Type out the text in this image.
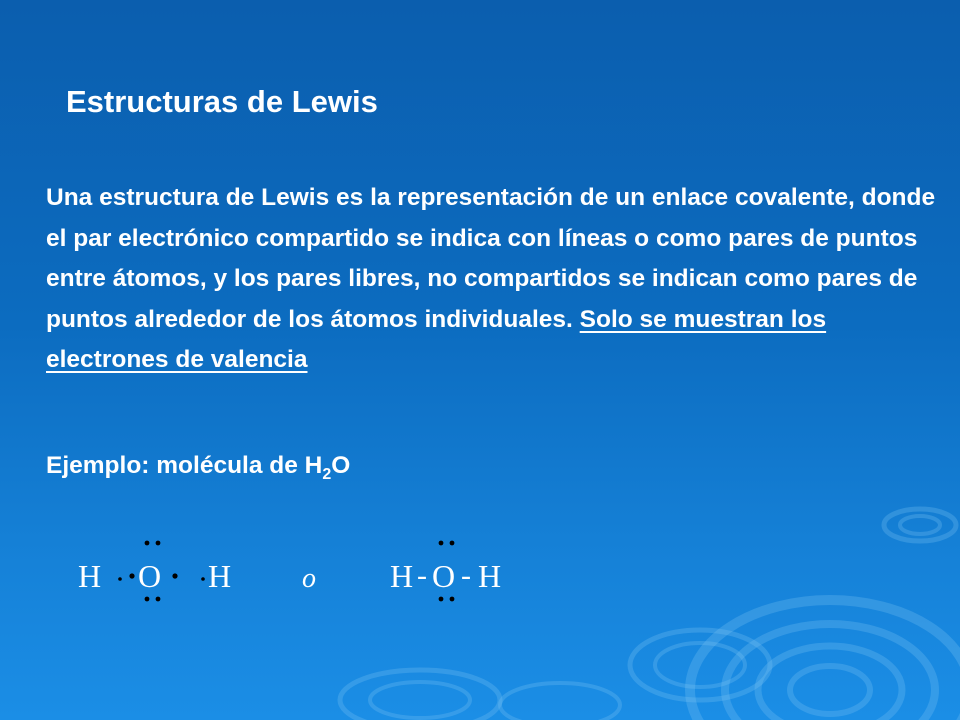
Estructuras de Lewis

Una estructura de Lewis es la representación de un enlace covalente, donde el par electrónico compartido se indica con líneas o como pares de puntos entre átomos, y los pares libres, no compartidos se indican como pares de puntos alrededor de los átomos individuales. Solo se muestran los electrones de valencia

Ejemplo: molécula de $H_2O$

H O H	o H - O - H
